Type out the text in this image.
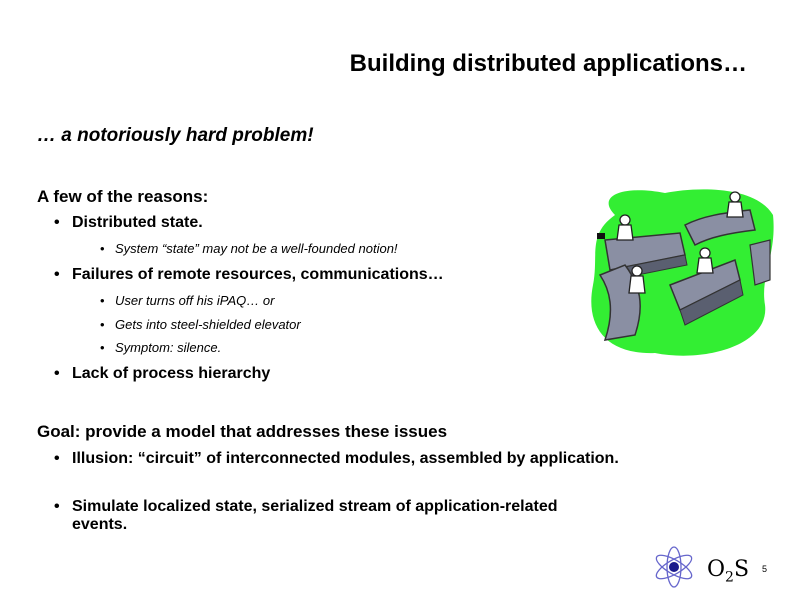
Building distributed applications…
… a notoriously hard problem!
A few of the reasons:
• Distributed state.
• System “state” may not be a well-founded notion!
• Failures of remote resources, communications…
• User turns off his iPAQ… or
• Gets into steel-shielded elevator
• Symptom: silence.
• Lack of process hierarchy
Goal: provide a model that addresses these issues
• Illusion: “circuit” of interconnected modules, assembled by application.
• Simulate localized state, serialized stream of application-related events.
$O_2S$ 5
